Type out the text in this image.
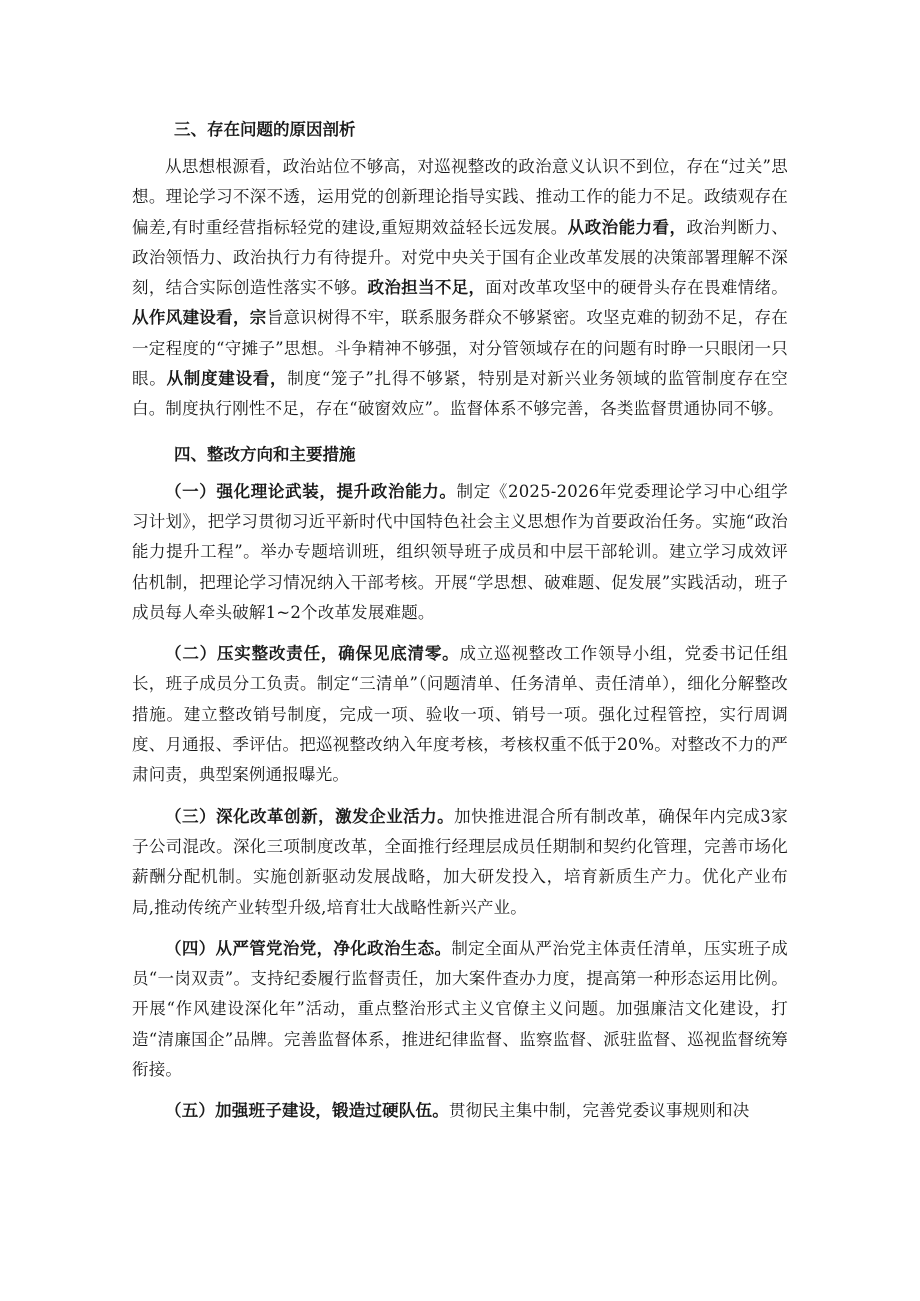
三、存在问题的原因剖析

从思想根源看，政治站位不够高，对巡视整改的政治意义认识不到位，存在“过关”思想。理论学习不深不透，运用党的创新理论指导实践、推动工作的能力不足。政绩观存在偏差,有时重经营指标轻党的建设,重短期效益轻长远发展。从政治能力看，政治判断力、政治领悟力、政治执行力有待提升。对党中央关于国有企业改革发展的决策部署理解不深刻，结合实际创造性落实不够。政治担当不足，面对改革攻坚中的硬骨头存在畏难情绪。从作风建设看，宗旨意识树得不牢，联系服务群众不够紧密。攻坚克难的韧劲不足，存在一定程度的“守摊子”思想。斗争精神不够强，对分管领域存在的问题有时睁一只眼闭一只眼。从制度建设看，制度“笼子”扎得不够紧，特别是对新兴业务领域的监管制度存在空白。制度执行刚性不足，存在“破窗效应”。监督体系不够完善，各类监督贯通协同不够。

四、整改方向和主要措施

（一）强化理论武装，提升政治能力。制定《2025-2026年党委理论学习中心组学习计划》，把学习贯彻习近平新时代中国特色社会主义思想作为首要政治任务。实施“政治能力提升工程”。举办专题培训班，组织领导班子成员和中层干部轮训。建立学习成效评估机制，把理论学习情况纳入干部考核。开展“学思想、破难题、促发展”实践活动，班子成员每人牵头破解1~2个改革发展难题。

（二）压实整改责任，确保见底清零。成立巡视整改工作领导小组，党委书记任组长，班子成员分工负责。制定“三清单”（问题清单、任务清单、责任清单），细化分解整改措施。建立整改销号制度，完成一项、验收一项、销号一项。强化过程管控，实行周调度、月通报、季评估。把巡视整改纳入年度考核，考核权重不低于20%。对整改不力的严肃问责，典型案例通报曝光。

（三）深化改革创新，激发企业活力。加快推进混合所有制改革，确保年内完成3家子公司混改。深化三项制度改革，全面推行经理层成员任期制和契约化管理，完善市场化薪酬分配机制。实施创新驱动发展战略，加大研发投入，培育新质生产力。优化产业布局,推动传统产业转型升级,培育壮大战略性新兴产业。

（四）从严管党治党，净化政治生态。制定全面从严治党主体责任清单，压实班子成员“一岗双责”。支持纪委履行监督责任，加大案件查办力度，提高第一种形态运用比例。开展“作风建设深化年”活动，重点整治形式主义官僚主义问题。加强廉洁文化建设，打造“清廉国企”品牌。完善监督体系，推进纪律监督、监察监督、派驻监督、巡视监督统筹衔接。

（五）加强班子建设，锻造过硬队伍。贯彻民主集中制，完善党委议事规则和决
